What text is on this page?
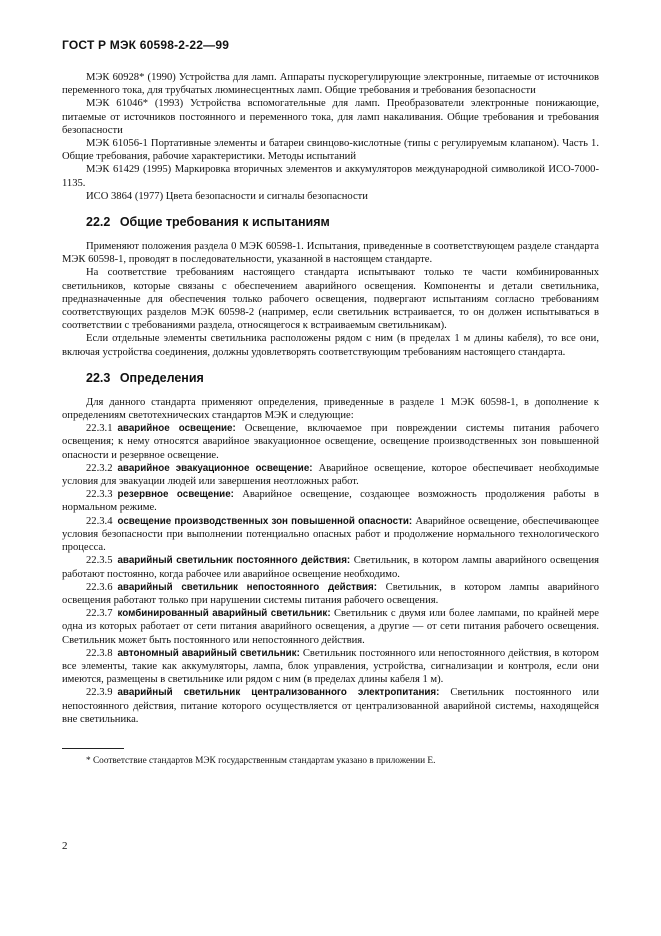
ГОСТ Р МЭК 60598-2-22—99

МЭК 60928* (1990) Устройства для ламп. Аппараты пускорегулирующие электронные, питаемые от источников переменного тока, для трубчатых люминесцентных ламп. Общие требования и требования безопасности

МЭК 61046* (1993) Устройства вспомогательные для ламп. Преобразователи электронные понижающие, питаемые от источников постоянного и переменного тока, для ламп накаливания. Общие требования и требования безопасности

МЭК 61056-1 Портативные элементы и батареи свинцово-кислотные (типы с регулируемым клапаном). Часть 1. Общие требования, рабочие характеристики. Методы испытаний

МЭК 61429 (1995) Маркировка вторичных элементов и аккумуляторов международной символикой ИСО-7000-1135.

ИСО 3864 (1977) Цвета безопасности и сигналы безопасности

22.2 Общие требования к испытаниям

Применяют положения раздела 0 МЭК 60598-1. Испытания, приведенные в соответствующем разделе стандарта МЭК 60598-1, проводят в последовательности, указанной в настоящем стандарте.

На соответствие требованиям настоящего стандарта испытывают только те части комбинированных светильников, которые связаны с обеспечением аварийного освещения. Компоненты и детали светильника, предназначенные для обеспечения только рабочего освещения, подвергают испытаниям согласно требованиям соответствующих разделов МЭК 60598-2 (например, если светильник встраивается, то он должен испытываться в соответствии с требованиями раздела, относящегося к встраиваемым светильникам).

Если отдельные элементы светильника расположены рядом с ним (в пределах 1 м длины кабеля), то все они, включая устройства соединения, должны удовлетворять соответствующим требованиям настоящего стандарта.

22.3 Определения

Для данного стандарта применяют определения, приведенные в разделе 1 МЭК 60598-1, в дополнение к определениям светотехнических стандартов МЭК и следующие:

22.3.1 аварийное освещение: Освещение, включаемое при повреждении системы питания рабочего освещения; к нему относятся аварийное эвакуационное освещение, освещение производственных зон повышенной опасности и резервное освещение.

22.3.2 аварийное эвакуационное освещение: Аварийное освещение, которое обеспечивает необходимые условия для эвакуации людей или завершения неотложных работ.

22.3.3 резервное освещение: Аварийное освещение, создающее возможность продолжения работы в нормальном режиме.

22.3.4 освещение производственных зон повышенной опасности: Аварийное освещение, обеспечивающее условия безопасности при выполнении потенциально опасных работ и продолжение нормального технологического процесса.

22.3.5 аварийный светильник постоянного действия: Светильник, в котором лампы аварийного освещения работают постоянно, когда рабочее или аварийное освещение необходимо.

22.3.6 аварийный светильник непостоянного действия: Светильник, в котором лампы аварийного освещения работают только при нарушении системы питания рабочего освещения.

22.3.7 комбинированный аварийный светильник: Светильник с двумя или более лампами, по крайней мере одна из которых работает от сети питания аварийного освещения, а другие — от сети питания рабочего освещения. Светильник может быть постоянного или непостоянного действия.

22.3.8 автономный аварийный светильник: Светильник постоянного или непостоянного действия, в котором все элементы, такие как аккумуляторы, лампа, блок управления, устройства, сигнализации и контроля, если они имеются, размещены в светильнике или рядом с ним (в пределах длины кабеля 1 м).

22.3.9 аварийный светильник централизованного электропитания: Светильник постоянного или непостоянного действия, питание которого осуществляется от централизованной аварийной системы, находящейся вне светильника.

* Соответствие стандартов МЭК государственным стандартам указано в приложении Е.

2
